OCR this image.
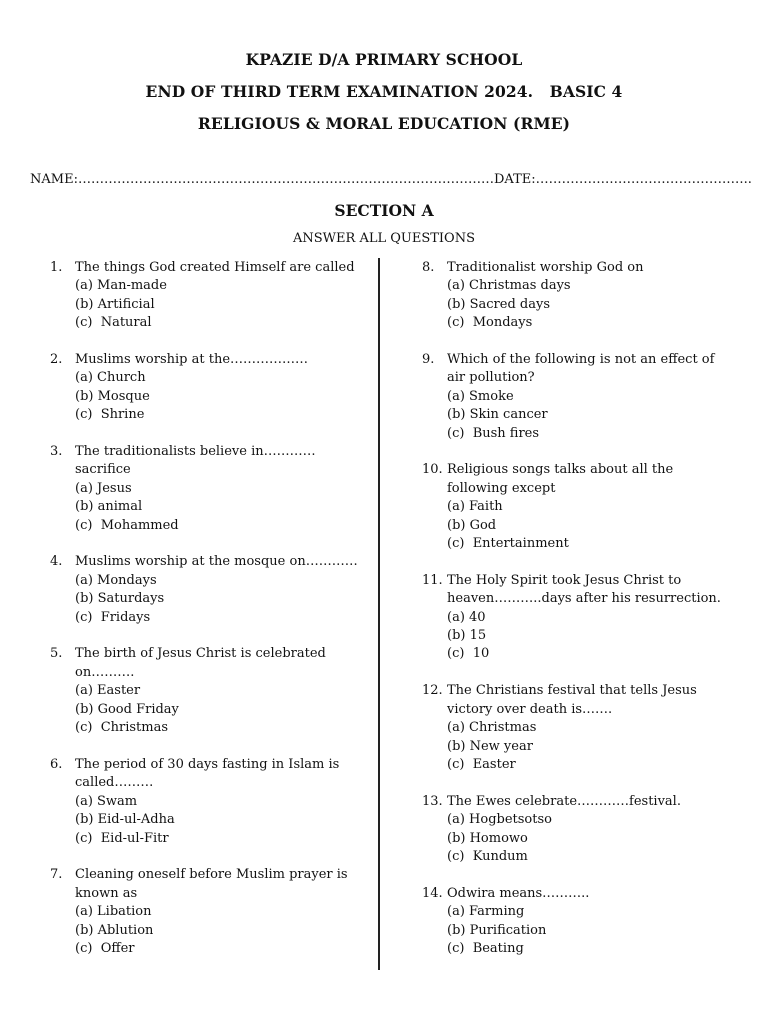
KPAZIE D/A PRIMARY SCHOOL
END OF THIRD TERM EXAMINATION 2024.   BASIC 4
RELIGIOUS & MORAL EDUCATION (RME)
NAME:…………………………………………………………………………………… DATE:…………………………………………..
SECTION A
ANSWER ALL QUESTIONS
1. The things God created Himself are called
(a) Man-made
(b) Artificial
(c)  Natural
2. Muslims worship at the………………
(a) Church
(b) Mosque
(c)  Shrine
3. The traditionalists believe in………… sacrifice
(a) Jesus
(b) animal
(c)  Mohammed
4. Muslims worship at the mosque on…………
(a) Mondays
(b) Saturdays
(c)  Fridays
5. The birth of Jesus Christ is celebrated on……….
(a) Easter
(b) Good Friday
(c)  Christmas
6. The period of 30 days fasting in Islam is called………
(a) Swam
(b) Eid-ul-Adha
(c)  Eid-ul-Fitr
7. Cleaning oneself before Muslim prayer is known as
(a) Libation
(b) Ablution
(c)  Offer
8. Traditionalist worship God on
(a) Christmas days
(b) Sacred days
(c)  Mondays
9. Which of the following is not an effect of air pollution?
(a) Smoke
(b) Skin cancer
(c)  Bush fires
10. Religious songs talks about all the following except
(a) Faith
(b) God
(c)  Entertainment
11. The Holy Spirit took Jesus Christ to heaven………..days after his resurrection.
(a) 40
(b) 15
(c)  10
12. The Christians festival that tells Jesus victory over death is…….
(a) Christmas
(b) New year
(c)  Easter
13. The Ewes celebrate…………festival.
(a) Hogbetsotso
(b) Homowo
(c)  Kundum
14. Odwira means………..
(a) Farming
(b) Purification
(c)  Beating
